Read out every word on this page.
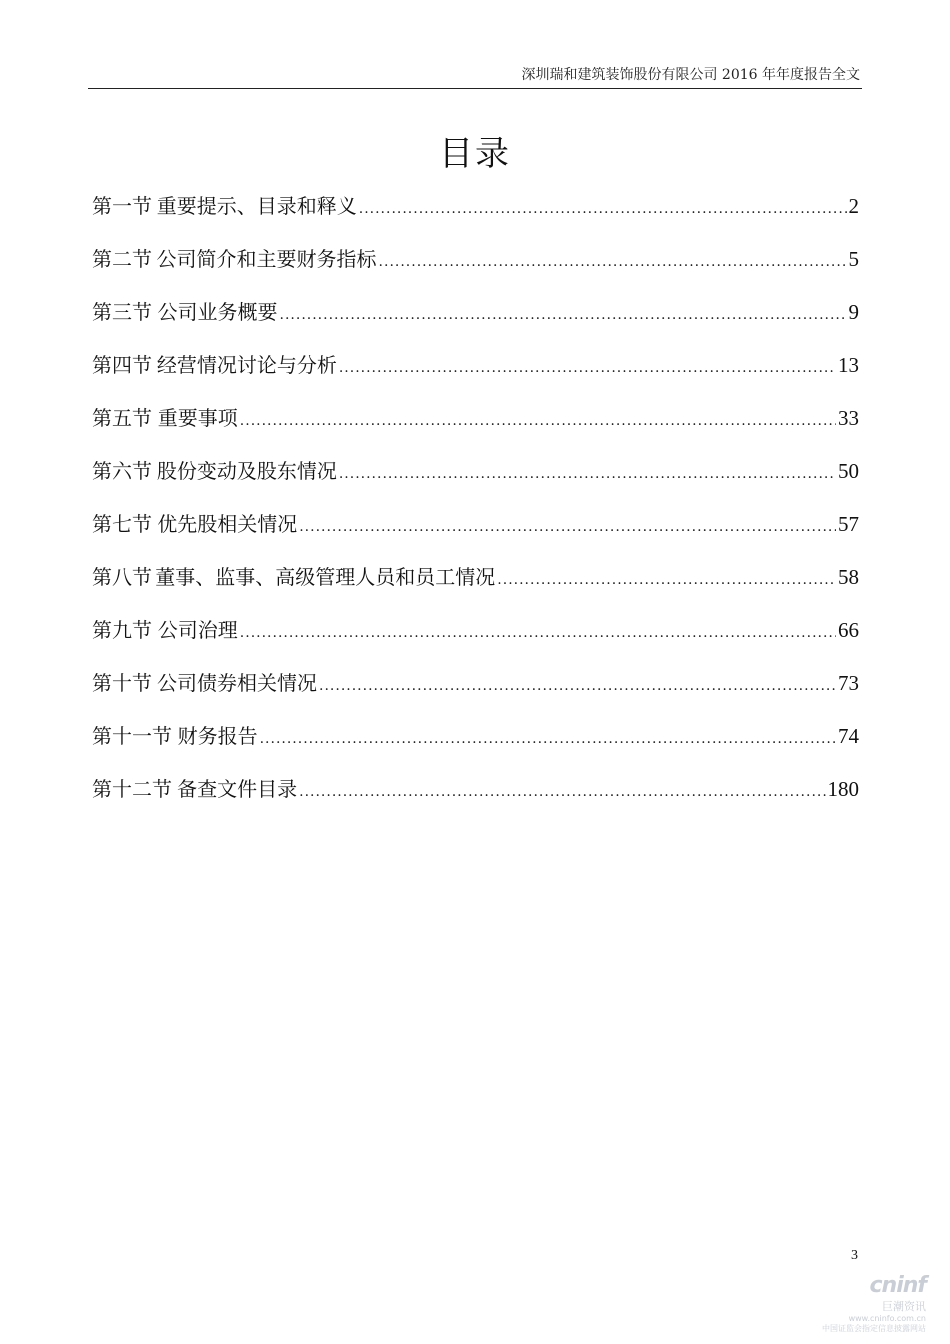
深圳瑞和建筑装饰股份有限公司 2016 年年度报告全文
目录
第一节 重要提示、目录和释义 .....	2
第二节 公司简介和主要财务指标 .....	5
第三节 公司业务概要 .....	9
第四节 经营情况讨论与分析 .....	13
第五节 重要事项 .....	33
第六节 股份变动及股东情况 .....	50
第七节 优先股相关情况 .....	57
第八节 董事、监事、高级管理人员和员工情况 .....	58
第九节 公司治理 .....	66
第十节 公司债券相关情况 .....	73
第十一节 财务报告 .....	74
第十二节 备查文件目录 .....	180
3
cninf
巨潮资讯
www.cninfo.com.cn
中国证监会指定信息披露网站
